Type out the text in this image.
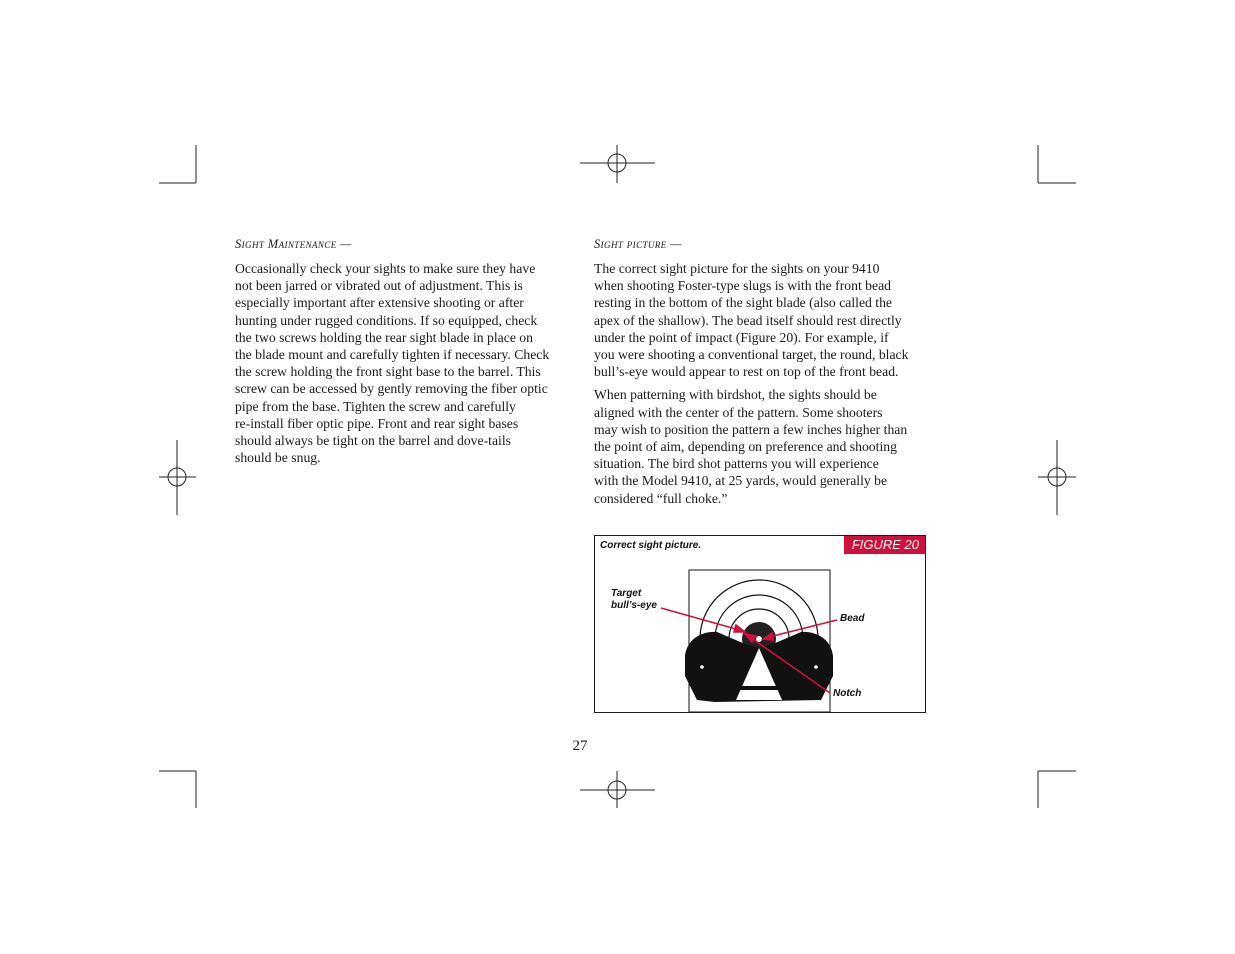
Sight Maintenance —
Occasionally check your sights to make sure they have
not been jarred or vibrated out of adjustment. This is
especially important after extensive shooting or after
hunting under rugged conditions. If so equipped, check
the two screws holding the rear sight blade in place on
the blade mount and carefully tighten if necessary. Check
the screw holding the front sight base to the barrel. This
screw can be accessed by gently removing the fiber optic
pipe from the base. Tighten the screw and carefully
re-install fiber optic pipe. Front and rear sight bases
should always be tight on the barrel and dove-tails
should be snug.
Sight picture —
The correct sight picture for the sights on your 9410
when shooting Foster-type slugs is with the front bead
resting in the bottom of the sight blade (also called the
apex of the shallow). The bead itself should rest directly
under the point of impact (Figure 20). For example, if
you were shooting a conventional target, the round, black
bull’s-eye would appear to rest on top of the front bead.
When patterning with birdshot, the sights should be
aligned with the center of the pattern. Some shooters
may wish to position the pattern a few inches higher than
the point of aim, depending on preference and shooting
situation. The bird shot patterns you will experience
with the Model 9410, at 25 yards, would generally be
considered “full choke.”
Correct sight picture.	FIGURE 20
Target
bull’s-eye
Bead
Notch
27
